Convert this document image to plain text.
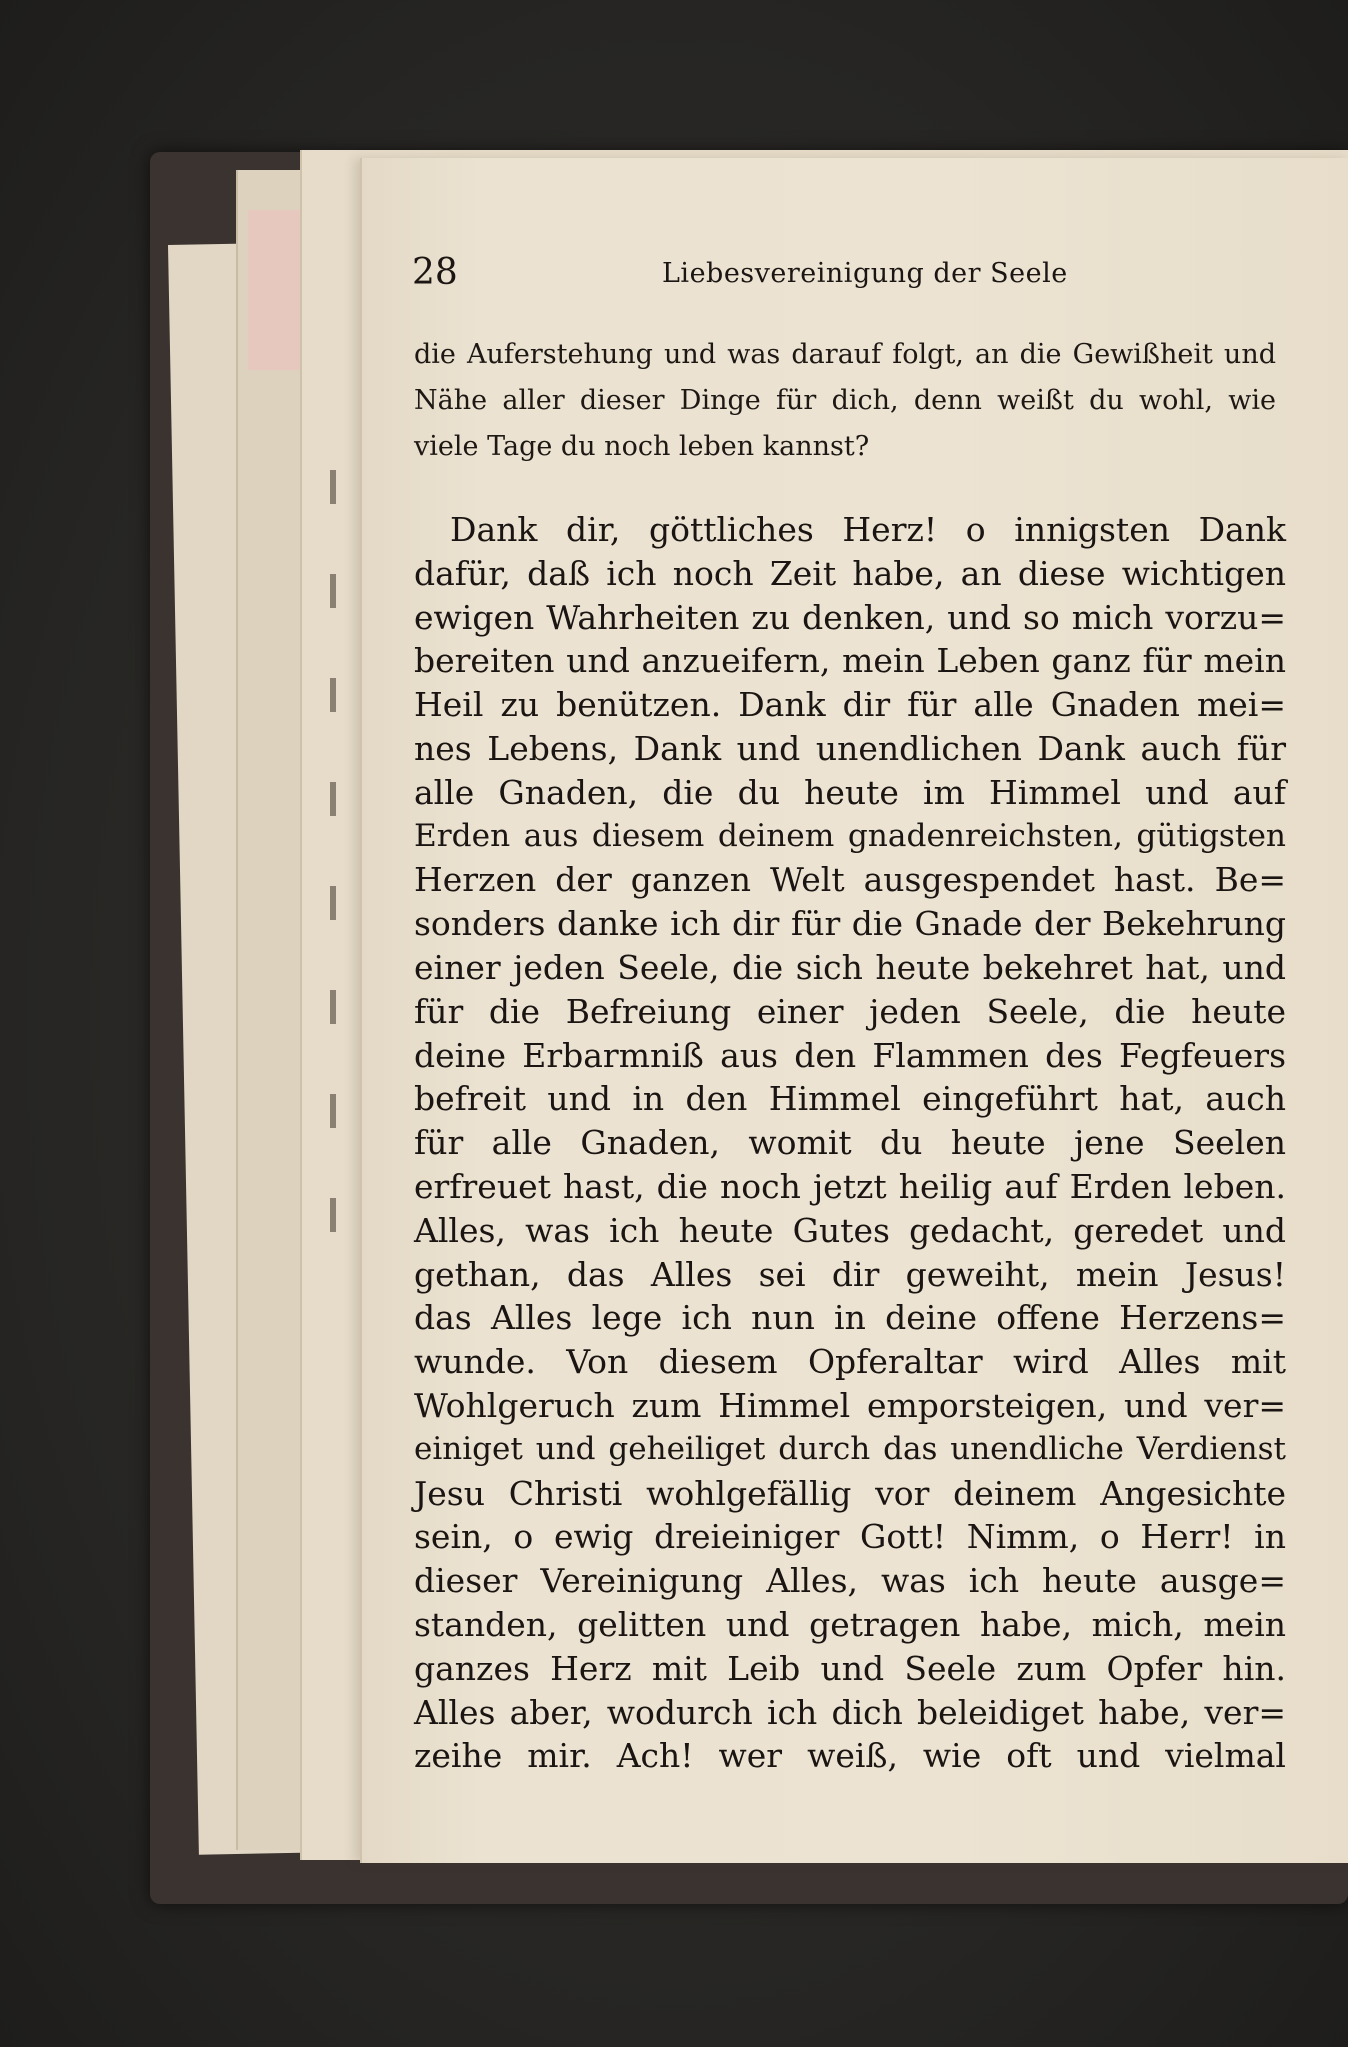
28	Liebesvereinigung der Seele
die Auferstehung und was darauf folgt, an die Gewißheit und
Nähe aller dieser Dinge für dich, denn weißt du wohl, wie
viele Tage du noch leben kannst?
Dank dir, göttliches Herz! o innigsten Dank
dafür, daß ich noch Zeit habe, an diese wichtigen
ewigen Wahrheiten zu denken, und so mich vorzu=
bereiten und anzueifern, mein Leben ganz für mein
Heil zu benützen. Dank dir für alle Gnaden mei=
nes Lebens, Dank und unendlichen Dank auch für
alle Gnaden, die du heute im Himmel und auf
Erden aus diesem deinem gnadenreichsten, gütigsten
Herzen der ganzen Welt ausgespendet hast. Be=
sonders danke ich dir für die Gnade der Bekehrung
einer jeden Seele, die sich heute bekehret hat, und
für die Befreiung einer jeden Seele, die heute
deine Erbarmniß aus den Flammen des Fegfeuers
befreit und in den Himmel eingeführt hat, auch
für alle Gnaden, womit du heute jene Seelen
erfreuet hast, die noch jetzt heilig auf Erden leben.
Alles, was ich heute Gutes gedacht, geredet und
gethan, das Alles sei dir geweiht, mein Jesus!
das Alles lege ich nun in deine offene Herzens=
wunde. Von diesem Opferaltar wird Alles mit
Wohlgeruch zum Himmel emporsteigen, und ver=
einiget und geheiliget durch das unendliche Verdienst
Jesu Christi wohlgefällig vor deinem Angesichte
sein, o ewig dreieiniger Gott! Nimm, o Herr! in
dieser Vereinigung Alles, was ich heute ausge=
standen, gelitten und getragen habe, mich, mein
ganzes Herz mit Leib und Seele zum Opfer hin.
Alles aber, wodurch ich dich beleidiget habe, ver=
zeihe mir. Ach! wer weiß, wie oft und vielmal
